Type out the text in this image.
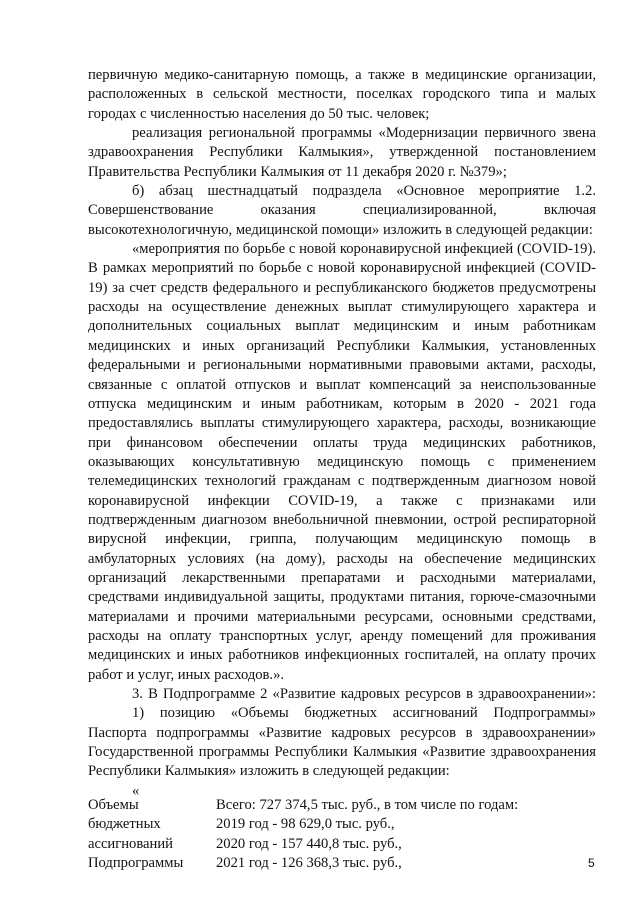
первичную медико-санитарную помощь, а также в медицинские организации, расположенных в сельской местности, поселках городского типа и малых городах с численностью населения до 50 тыс. человек;

реализация региональной программы «Модернизации первичного звена здравоохранения Республики Калмыкия», утвержденной постановлением Правительства Республики Калмыкия от 11 декабря 2020 г. №379»;

б) абзац шестнадцатый подраздела «Основное мероприятие 1.2. Совершенствование оказания специализированной, включая высокотехнологичную, медицинской помощи» изложить в следующей редакции:

«мероприятия по борьбе с новой коронавирусной инфекцией (COVID-19). В рамках мероприятий по борьбе с новой коронавирусной инфекцией (COVID-19) за счет средств федерального и республиканского бюджетов предусмотрены расходы на осуществление денежных выплат стимулирующего характера и дополнительных социальных выплат медицинским и иным работникам медицинских и иных организаций Республики Калмыкия, установленных федеральными и региональными нормативными правовыми актами, расходы, связанные с оплатой отпусков и выплат компенсаций за неиспользованные отпуска медицинским и иным работникам, которым в 2020 - 2021 года предоставлялись выплаты стимулирующего характера, расходы, возникающие при финансовом обеспечении оплаты труда медицинских работников, оказывающих консультативную медицинскую помощь с применением телемедицинских технологий гражданам с подтвержденным диагнозом новой коронавирусной инфекции COVID-19, а также с признаками или подтвержденным диагнозом внебольничной пневмонии, острой респираторной вирусной инфекции, гриппа, получающим медицинскую помощь в амбулаторных условиях (на дому), расходы на обеспечение медицинских организаций лекарственными препаратами и расходными материалами, средствами индивидуальной защиты, продуктами питания, горюче-смазочными материалами и прочими материальными ресурсами, основными средствами, расходы на оплату транспортных услуг, аренду помещений для проживания медицинских и иных работников инфекционных госпиталей, на оплату прочих работ и услуг, иных расходов.».

3. В Подпрограмме 2 «Развитие кадровых ресурсов в здравоохранении»:

1) позицию «Объемы бюджетных ассигнований Подпрограммы» Паспорта подпрограммы «Развитие кадровых ресурсов в здравоохранении» Государственной программы Республики Калмыкия «Развитие здравоохранения Республики Калмыкия» изложить в следующей редакции:

«

Объемы	Всего: 727 374,5 тыс. руб., в том числе по годам:
бюджетных	2019 год - 98 629,0 тыс. руб.,
ассигнований	2020 год - 157 440,8 тыс. руб.,
Подпрограммы	2021 год - 126 368,3 тыс. руб.,	5
